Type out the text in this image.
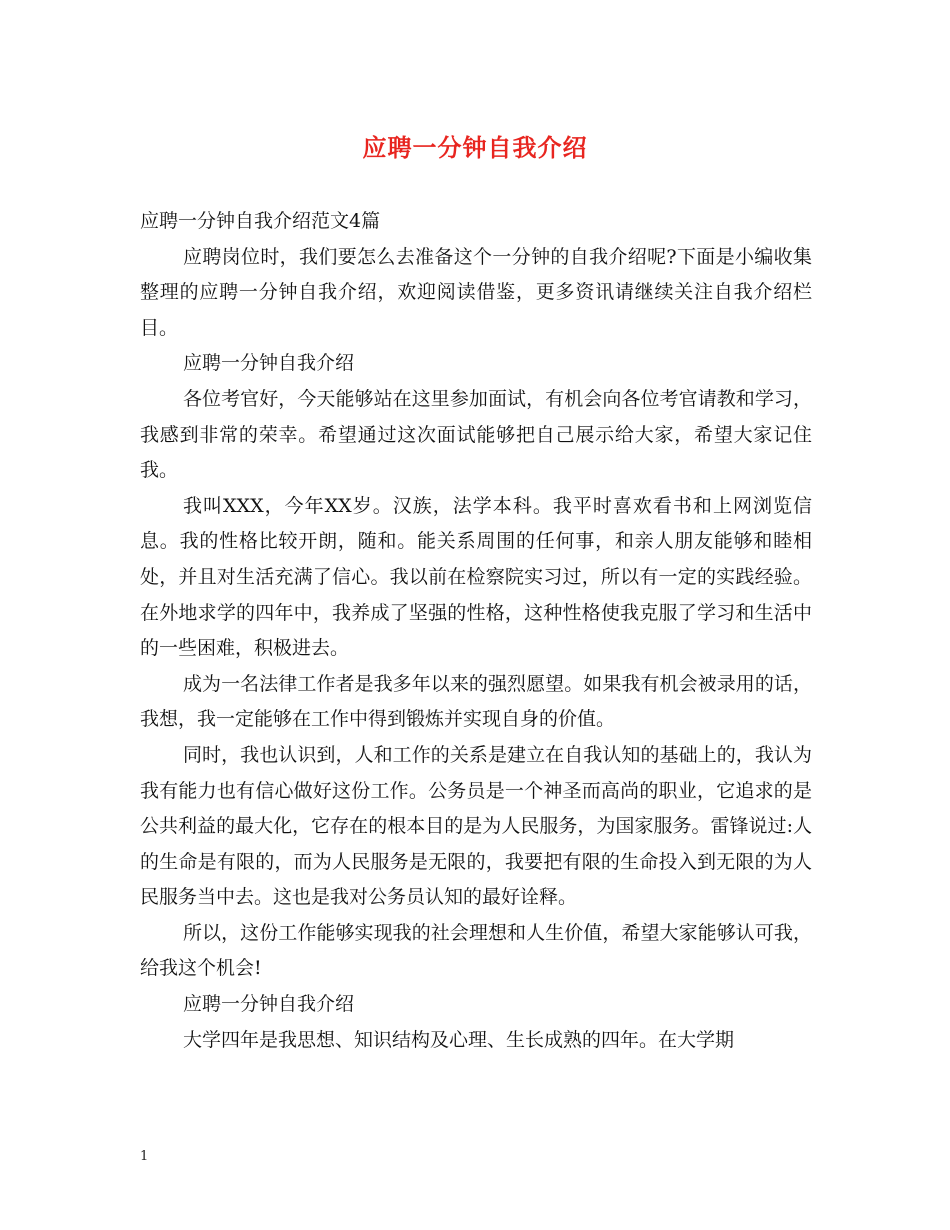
应聘一分钟自我介绍

应聘一分钟自我介绍范文4篇

应聘岗位时，我们要怎么去准备这个一分钟的自我介绍呢?下面是小编收集整理的应聘一分钟自我介绍，欢迎阅读借鉴，更多资讯请继续关注自我介绍栏目。

应聘一分钟自我介绍

各位考官好，今天能够站在这里参加面试，有机会向各位考官请教和学习，我感到非常的荣幸。希望通过这次面试能够把自己展示给大家，希望大家记住我。

我叫XXX，今年XX岁。汉族，法学本科。我平时喜欢看书和上网浏览信息。我的性格比较开朗，随和。能关系周围的任何事，和亲人朋友能够和睦相处，并且对生活充满了信心。我以前在检察院实习过，所以有一定的实践经验。在外地求学的四年中，我养成了坚强的性格，这种性格使我克服了学习和生活中的一些困难，积极进去。

成为一名法律工作者是我多年以来的强烈愿望。如果我有机会被录用的话，我想，我一定能够在工作中得到锻炼并实现自身的价值。

同时，我也认识到，人和工作的关系是建立在自我认知的基础上的，我认为我有能力也有信心做好这份工作。公务员是一个神圣而高尚的职业，它追求的是公共利益的最大化，它存在的根本目的是为人民服务，为国家服务。雷锋说过:人的生命是有限的，而为人民服务是无限的，我要把有限的生命投入到无限的为人民服务当中去。这也是我对公务员认知的最好诠释。

所以，这份工作能够实现我的社会理想和人生价值，希望大家能够认可我，给我这个机会!

应聘一分钟自我介绍

大学四年是我思想、知识结构及心理、生长成熟的四年。在大学期

1
